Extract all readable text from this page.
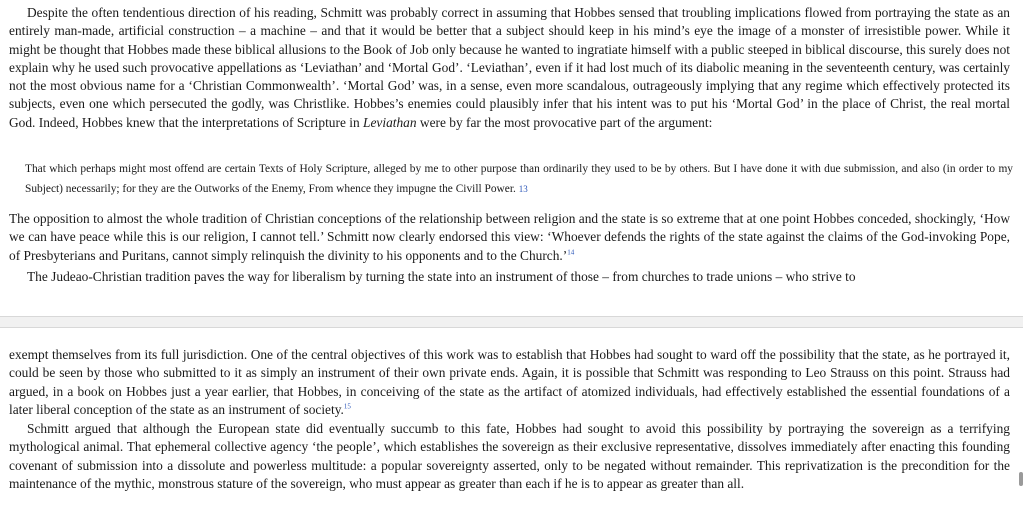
Despite the often tendentious direction of his reading, Schmitt was probably correct in assuming that Hobbes sensed that troubling implications flowed from portraying the state as an entirely man-made, artificial construction – a machine – and that it would be better that a subject should keep in his mind’s eye the image of a monster of irresistible power. While it might be thought that Hobbes made these biblical allusions to the Book of Job only because he wanted to ingratiate himself with a public steeped in biblical discourse, this surely does not explain why he used such provocative appellations as ‘Leviathan’ and ‘Mortal God’. ‘Leviathan’, even if it had lost much of its diabolic meaning in the seventeenth century, was certainly not the most obvious name for a ‘Christian Commonwealth’. ‘Mortal God’ was, in a sense, even more scandalous, outrageously implying that any regime which effectively protected its subjects, even one which persecuted the godly, was Christlike. Hobbes’s enemies could plausibly infer that his intent was to put his ‘Mortal God’ in the place of Christ, the real mortal God. Indeed, Hobbes knew that the interpretations of Scripture in Leviathan were by far the most provocative part of the argument:

That which perhaps might most offend are certain Texts of Holy Scripture, alleged by me to other purpose than ordinarily they used to be by others. But I have done it with due submission, and also (in order to my Subject) necessarily; for they are the Outworks of the Enemy, From whence they impugne the Civill Power. 13

The opposition to almost the whole tradition of Christian conceptions of the relationship between religion and the state is so extreme that at one point Hobbes conceded, shockingly, ‘How we can have peace while this is our religion, I cannot tell.’ Schmitt now clearly endorsed this view: ‘Whoever defends the rights of the state against the claims of the God-invoking Pope, of Presbyterians and Puritans, cannot simply relinquish the divinity to his opponents and to the Church.’$^{14}$

The Judeao-Christian tradition paves the way for liberalism by turning the state into an instrument of those – from churches to trade unions – who strive to

exempt themselves from its full jurisdiction. One of the central objectives of this work was to establish that Hobbes had sought to ward off the possibility that the state, as he portrayed it, could be seen by those who submitted to it as simply an instrument of their own private ends. Again, it is possible that Schmitt was responding to Leo Strauss on this point. Strauss had argued, in a book on Hobbes just a year earlier, that Hobbes, in conceiving of the state as the artifact of atomized individuals, had effectively established the essential foundations of a later liberal conception of the state as an instrument of society.$^{15}$

Schmitt argued that although the European state did eventually succumb to this fate, Hobbes had sought to avoid this possibility by portraying the sovereign as a terrifying mythological animal. That ephemeral collective agency ‘the people’, which establishes the sovereign as their exclusive representative, dissolves immediately after enacting this founding covenant of submission into a dissolute and powerless multitude: a popular sovereignty asserted, only to be negated without remainder. This reprivatization is the precondition for the maintenance of the mythic, monstrous stature of the sovereign, who must appear as greater than each if he is to appear as greater than all.
